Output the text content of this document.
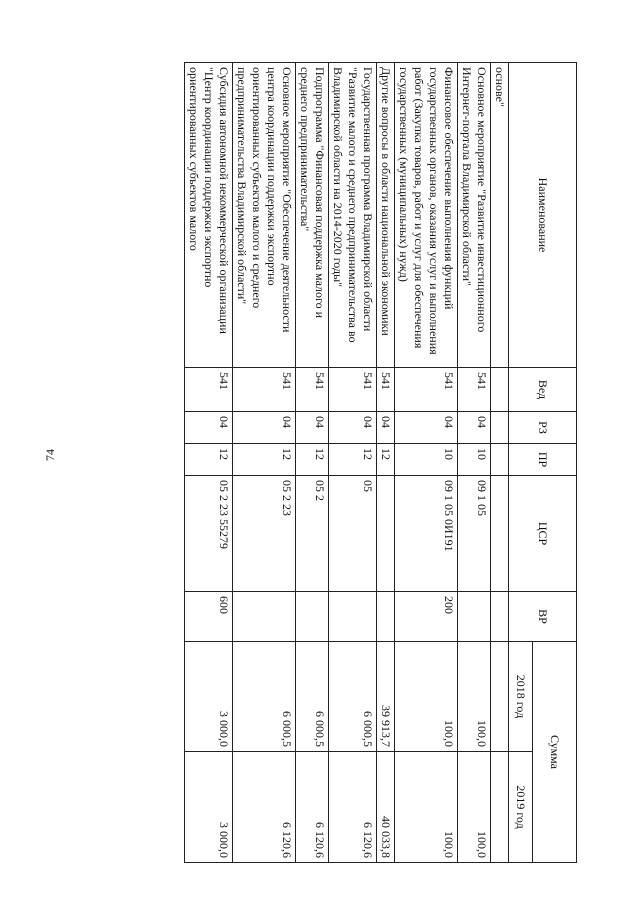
74
Наименование	Вед	РЗ	ПР	ЦСР	ВР	Сумма	
						2018 год	2019 год
основе"							
Основное мероприятие "Развитие инвестиционного Интернет-портала Владимирской области"	541	04	10	09 1 05		100,0	100,0
Финансовое обеспечение выполнения функций государственных органов, оказания услуг и выполнения работ (Закупка товаров, работ и услуг для обеспечения государственных (муниципальных) нужд)	541	04	10	09 1 05 0И191	200	100,0	100,0
Другие вопросы в области национальной экономики	541	04	12			39 913,7	40 033,8
Государственная программа Владимирской области "Развитие малого и среднего предпринимательства во Владимирской области на 2014-2020 годы"	541	04	12	05		6 000,5	6 120,6
Подпрограмма "Финансовая поддержка малого и среднего предпринимательства"	541	04	12	05 2		6 000,5	6 120,6
Основное мероприятие "Обеспечение деятельности центра координации поддержки экспортно ориентированных субъектов малого и среднего предпринимательства Владимирской области"	541	04	12	05 2 23		6 000,5	6 120,6
Субсидия автономной некоммерческой организации "Центр координации поддержки экспортно ориентированных субъектов малого	541	04	12	05 2 23 55279	600	3 000,0	3 000,0
